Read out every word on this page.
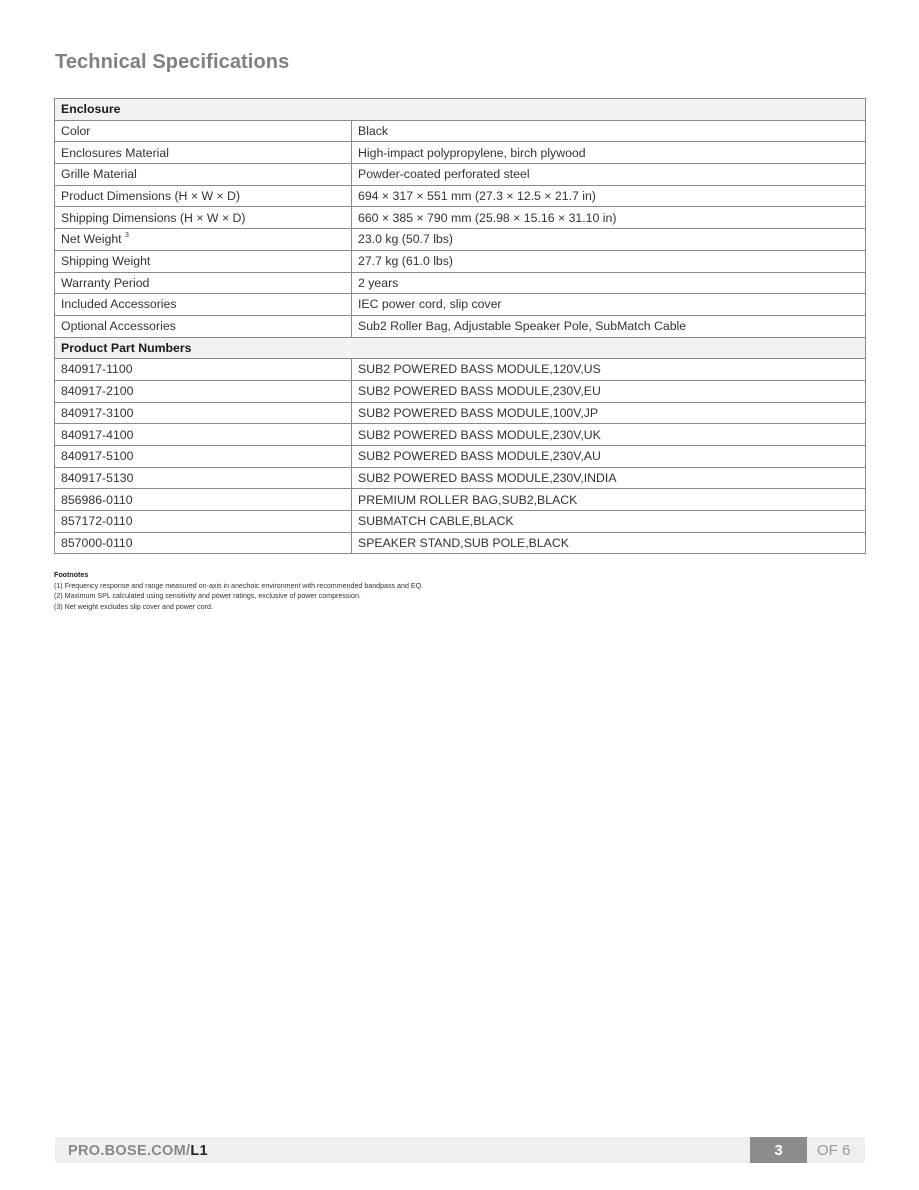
Technical Specifications
Enclosure	
Color	Black
Enclosures Material	High-impact polypropylene, birch plywood
Grille Material	Powder-coated perforated steel
Product Dimensions (H × W × D)	694 × 317 × 551 mm (27.3 × 12.5 × 21.7 in)
Shipping Dimensions (H × W × D)	660 × 385 × 790 mm (25.98 × 15.16 × 31.10 in)
Net Weight $^3$	23.0 kg (50.7 lbs)
Shipping Weight	27.7 kg (61.0 lbs)
Warranty Period	2 years
Included Accessories	IEC power cord, slip cover
Optional Accessories	Sub2 Roller Bag, Adjustable Speaker Pole, SubMatch Cable
Product Part Numbers	
840917-1100	SUB2 POWERED BASS MODULE,120V,US
840917-2100	SUB2 POWERED BASS MODULE,230V,EU
840917-3100	SUB2 POWERED BASS MODULE,100V,JP
840917-4100	SUB2 POWERED BASS MODULE,230V,UK
840917-5100	SUB2 POWERED BASS MODULE,230V,AU
840917-5130	SUB2 POWERED BASS MODULE,230V,INDIA
856986-0110	PREMIUM ROLLER BAG,SUB2,BLACK
857172-0110	SUBMATCH CABLE,BLACK
857000-0110	SPEAKER STAND,SUB POLE,BLACK
Footnotes
(1) Frequency response and range measured on-axis in anechoic environment with recommended bandpass and EQ.
(2) Maximum SPL calculated using sensitivity and power ratings, exclusive of power compression.
(3) Net weight excludes slip cover and power cord.
PRO.BOSE.COM/L1	3	OF 6
